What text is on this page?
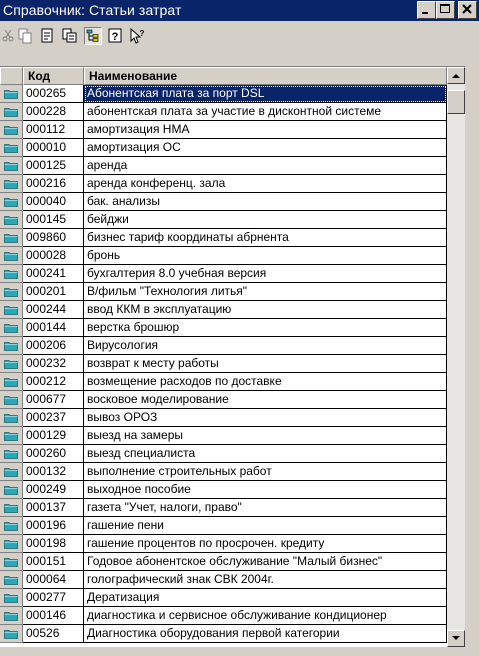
Справочник: Статьи затрат
?	?
Код	Наименование
000265	Абонентская плата за порт DSL
000228	абонентская плата за участие в дисконтной системе
000112	амортизация НМА
000010	амортизация ОС
000125	аренда
000216	аренда конференц. зала
000040	бак. анализы
000145	бейджи
009860	бизнес тариф координаты абрнента
000028	бронь
000241	бухгалтерия 8.0 учебная версия
000201	В/фильм "Технология литья"
000244	ввод ККМ в эксплуатацию
000144	верстка брошюр
000206	Вирусология
000232	возврат к месту работы
000212	возмещение расходов по доставке
000677	восковое моделирование
000237	вывоз ОРОЗ
000129	выезд на замеры
000260	выезд специалиста
000132	выполнение строительных работ
000249	выходное пособие
000137	газета "Учет, налоги, право"
000196	гашение пени
000198	гашение процентов по просрочен. кредиту
000151	Годовое абонентское обслуживание "Малый бизнес"
000064	голографический знак СВК 2004г.
000277	Дератизация
000146	диагностика и сервисное обслуживание кондиционер
00526	Диагностика оборудования первой категории
